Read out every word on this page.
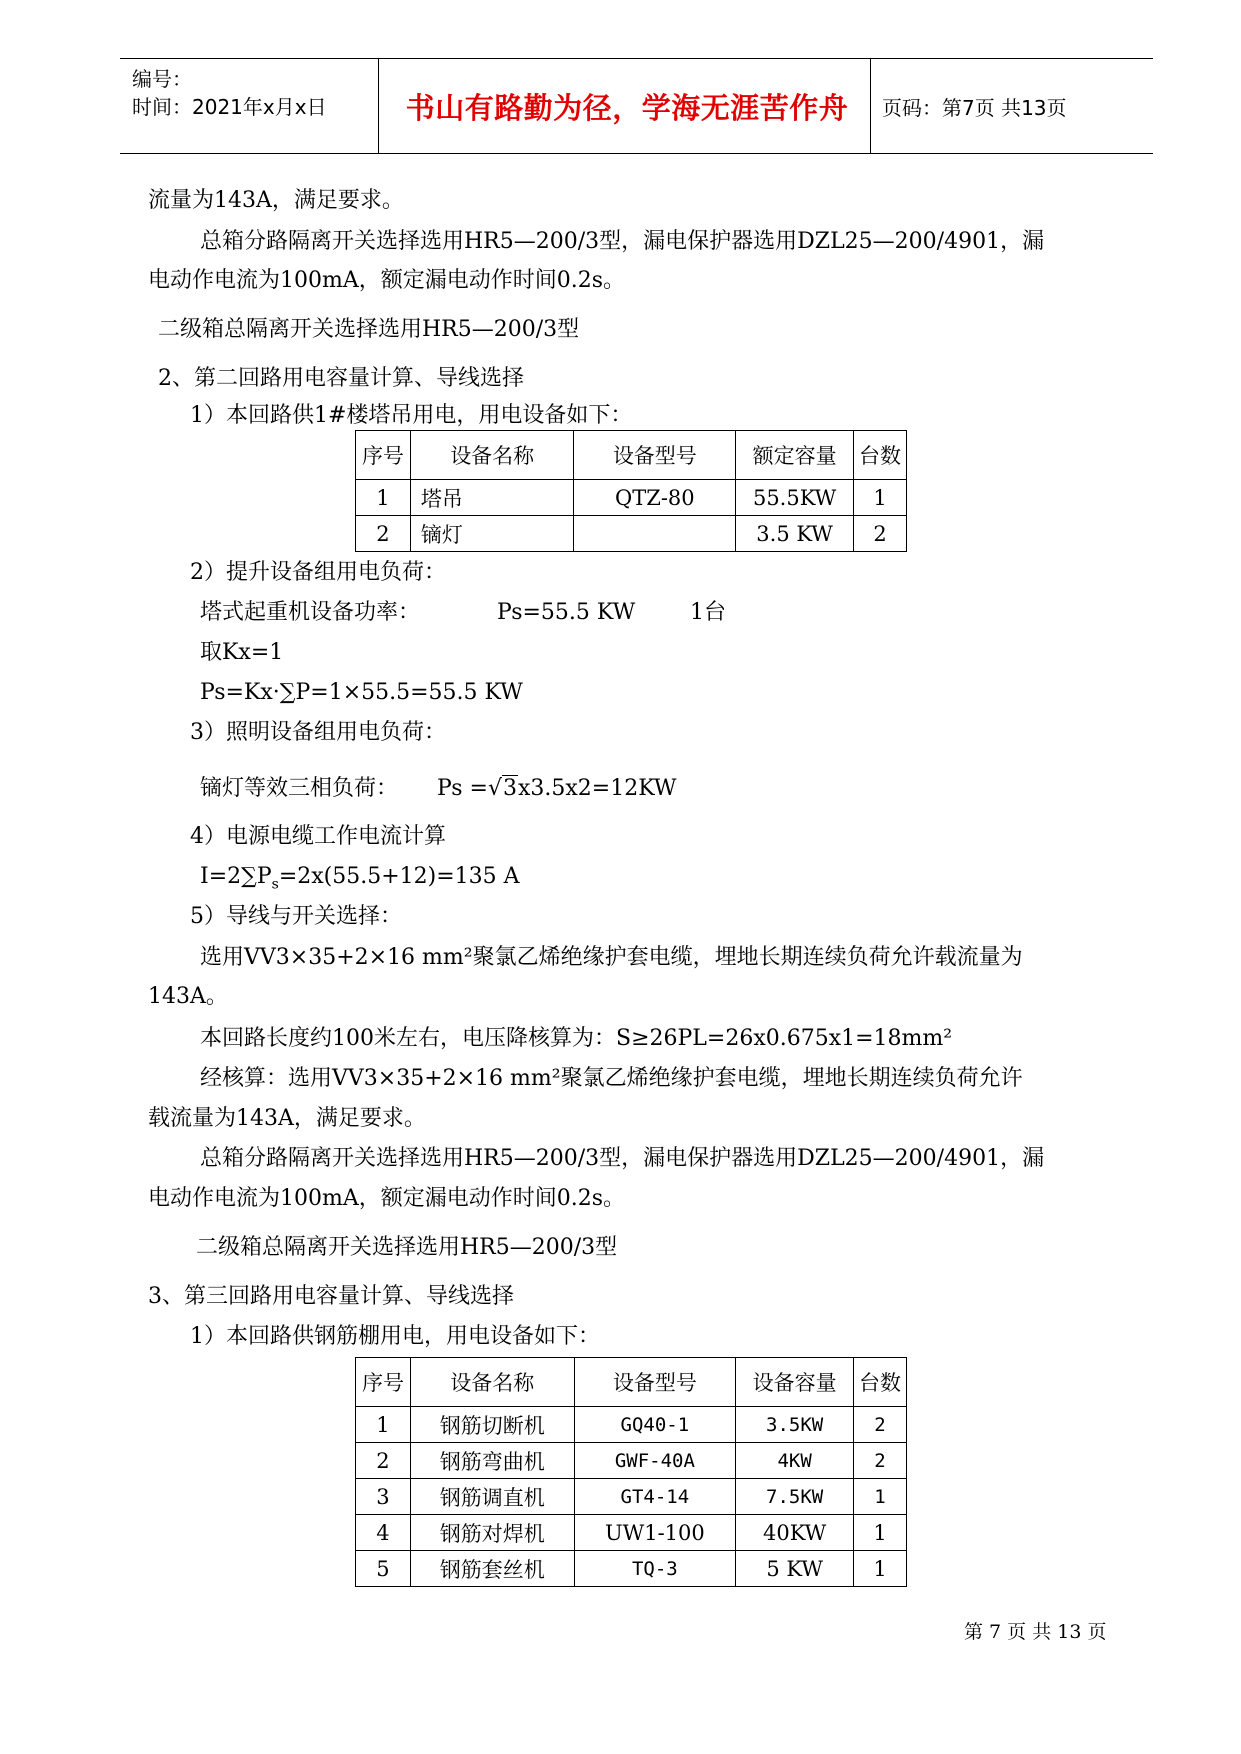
编号：
时间：2021年x月x日	书山有路勤为径，学海无涯苦作舟	页码：第7页 共13页
流量为143A，满足要求。
总箱分路隔离开关选择选用HR5—200/3型，漏电保护器选用DZL25—200/4901，漏
电动作电流为100mA，额定漏电动作时间0.2s。
二级箱总隔离开关选择选用HR5—200/3型
2、第二回路用电容量计算、导线选择
1）本回路供1#楼塔吊用电，用电设备如下：
序号	设备名称	设备型号	额定容量	台数
1	塔吊	QTZ-80	55.5KW	1
2	镝灯		3.5 KW	2
2）提升设备组用电负荷：
塔式起重机设备功率：	Ps=55.5 KW 1台
取Kx=1
Ps=Kx·∑P=1×55.5=55.5 KW
3）照明设备组用电负荷：
镝灯等效三相负荷： Ps =√3x3.5x2=12KW
4）电源电缆工作电流计算
$I=2\sum P_s=2x(55.5+12)=135$ A
5）导线与开关选择：
选用VV3×35+2×16 mm²聚氯乙烯绝缘护套电缆，埋地长期连续负荷允许载流量为
143A。
本回路长度约100米左右，电压降核算为：S≥26PL=26x0.675x1=18mm²
经核算：选用VV3×35+2×16 mm²聚氯乙烯绝缘护套电缆，埋地长期连续负荷允许
载流量为143A，满足要求。
总箱分路隔离开关选择选用HR5—200/3型，漏电保护器选用DZL25—200/4901，漏
电动作电流为100mA，额定漏电动作时间0.2s。
二级箱总隔离开关选择选用HR5—200/3型
3、第三回路用电容量计算、导线选择
1）本回路供钢筋棚用电，用电设备如下：
序号	设备名称	设备型号	设备容量	台数
1	钢筋切断机	GQ40-1	3.5KW	2
2	钢筋弯曲机	GWF-40A	4KW	2
3	钢筋调直机	GT4-14	7.5KW	1
4	钢筋对焊机	UW1-100	40KW	1
5	钢筋套丝机	TQ-3	5 KW	1
第 7 页 共 13 页
